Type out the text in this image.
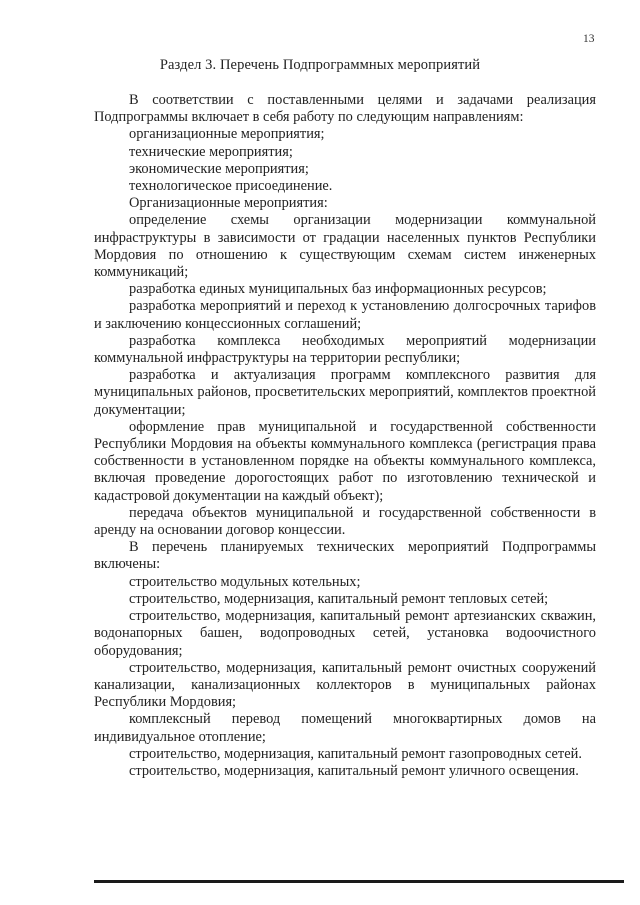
13
Раздел 3. Перечень Подпрограммных мероприятий

В соответствии с поставленными целями и задачами реализация Подпрограммы включает в себя работу по следующим направлениям:

организационные мероприятия;

технические мероприятия;

экономические мероприятия;

технологическое присоединение.

Организационные мероприятия:

определение схемы организации модернизации коммунальной инфраструктуры в зависимости от градации населенных пунктов Республики Мордовия по отношению к существующим схемам систем инженерных коммуникаций;

разработка единых муниципальных баз информационных ресурсов;

разработка мероприятий и переход к установлению долгосрочных тарифов и заключению концессионных соглашений;

разработка комплекса необходимых мероприятий модернизации коммунальной инфраструктуры на территории республики;

разработка и актуализация программ комплексного развития для муниципальных районов, просветительских мероприятий, комплектов проектной документации;

оформление прав муниципальной и государственной собственности Республики Мордовия на объекты коммунального комплекса (регистрация права собственности в установленном порядке на объекты коммунального комплекса, включая проведение дорогостоящих работ по изготовлению технической и кадастровой документации на каждый объект);

передача объектов муниципальной и государственной собственности в аренду на основании договор концессии.

В перечень планируемых технических мероприятий Подпрограммы включены:

строительство модульных котельных;

строительство, модернизация, капитальный ремонт тепловых сетей;

строительство, модернизация, капитальный ремонт артезианских скважин, водонапорных башен, водопроводных сетей, установка водоочистного оборудования;

строительство, модернизация, капитальный ремонт очистных сооружений канализации, канализационных коллекторов в муниципальных районах Республики Мордовия;

комплексный перевод помещений многоквартирных домов на индивидуальное отопление;

строительство, модернизация, капитальный ремонт газопроводных сетей.

строительство, модернизация, капитальный ремонт уличного освещения.
